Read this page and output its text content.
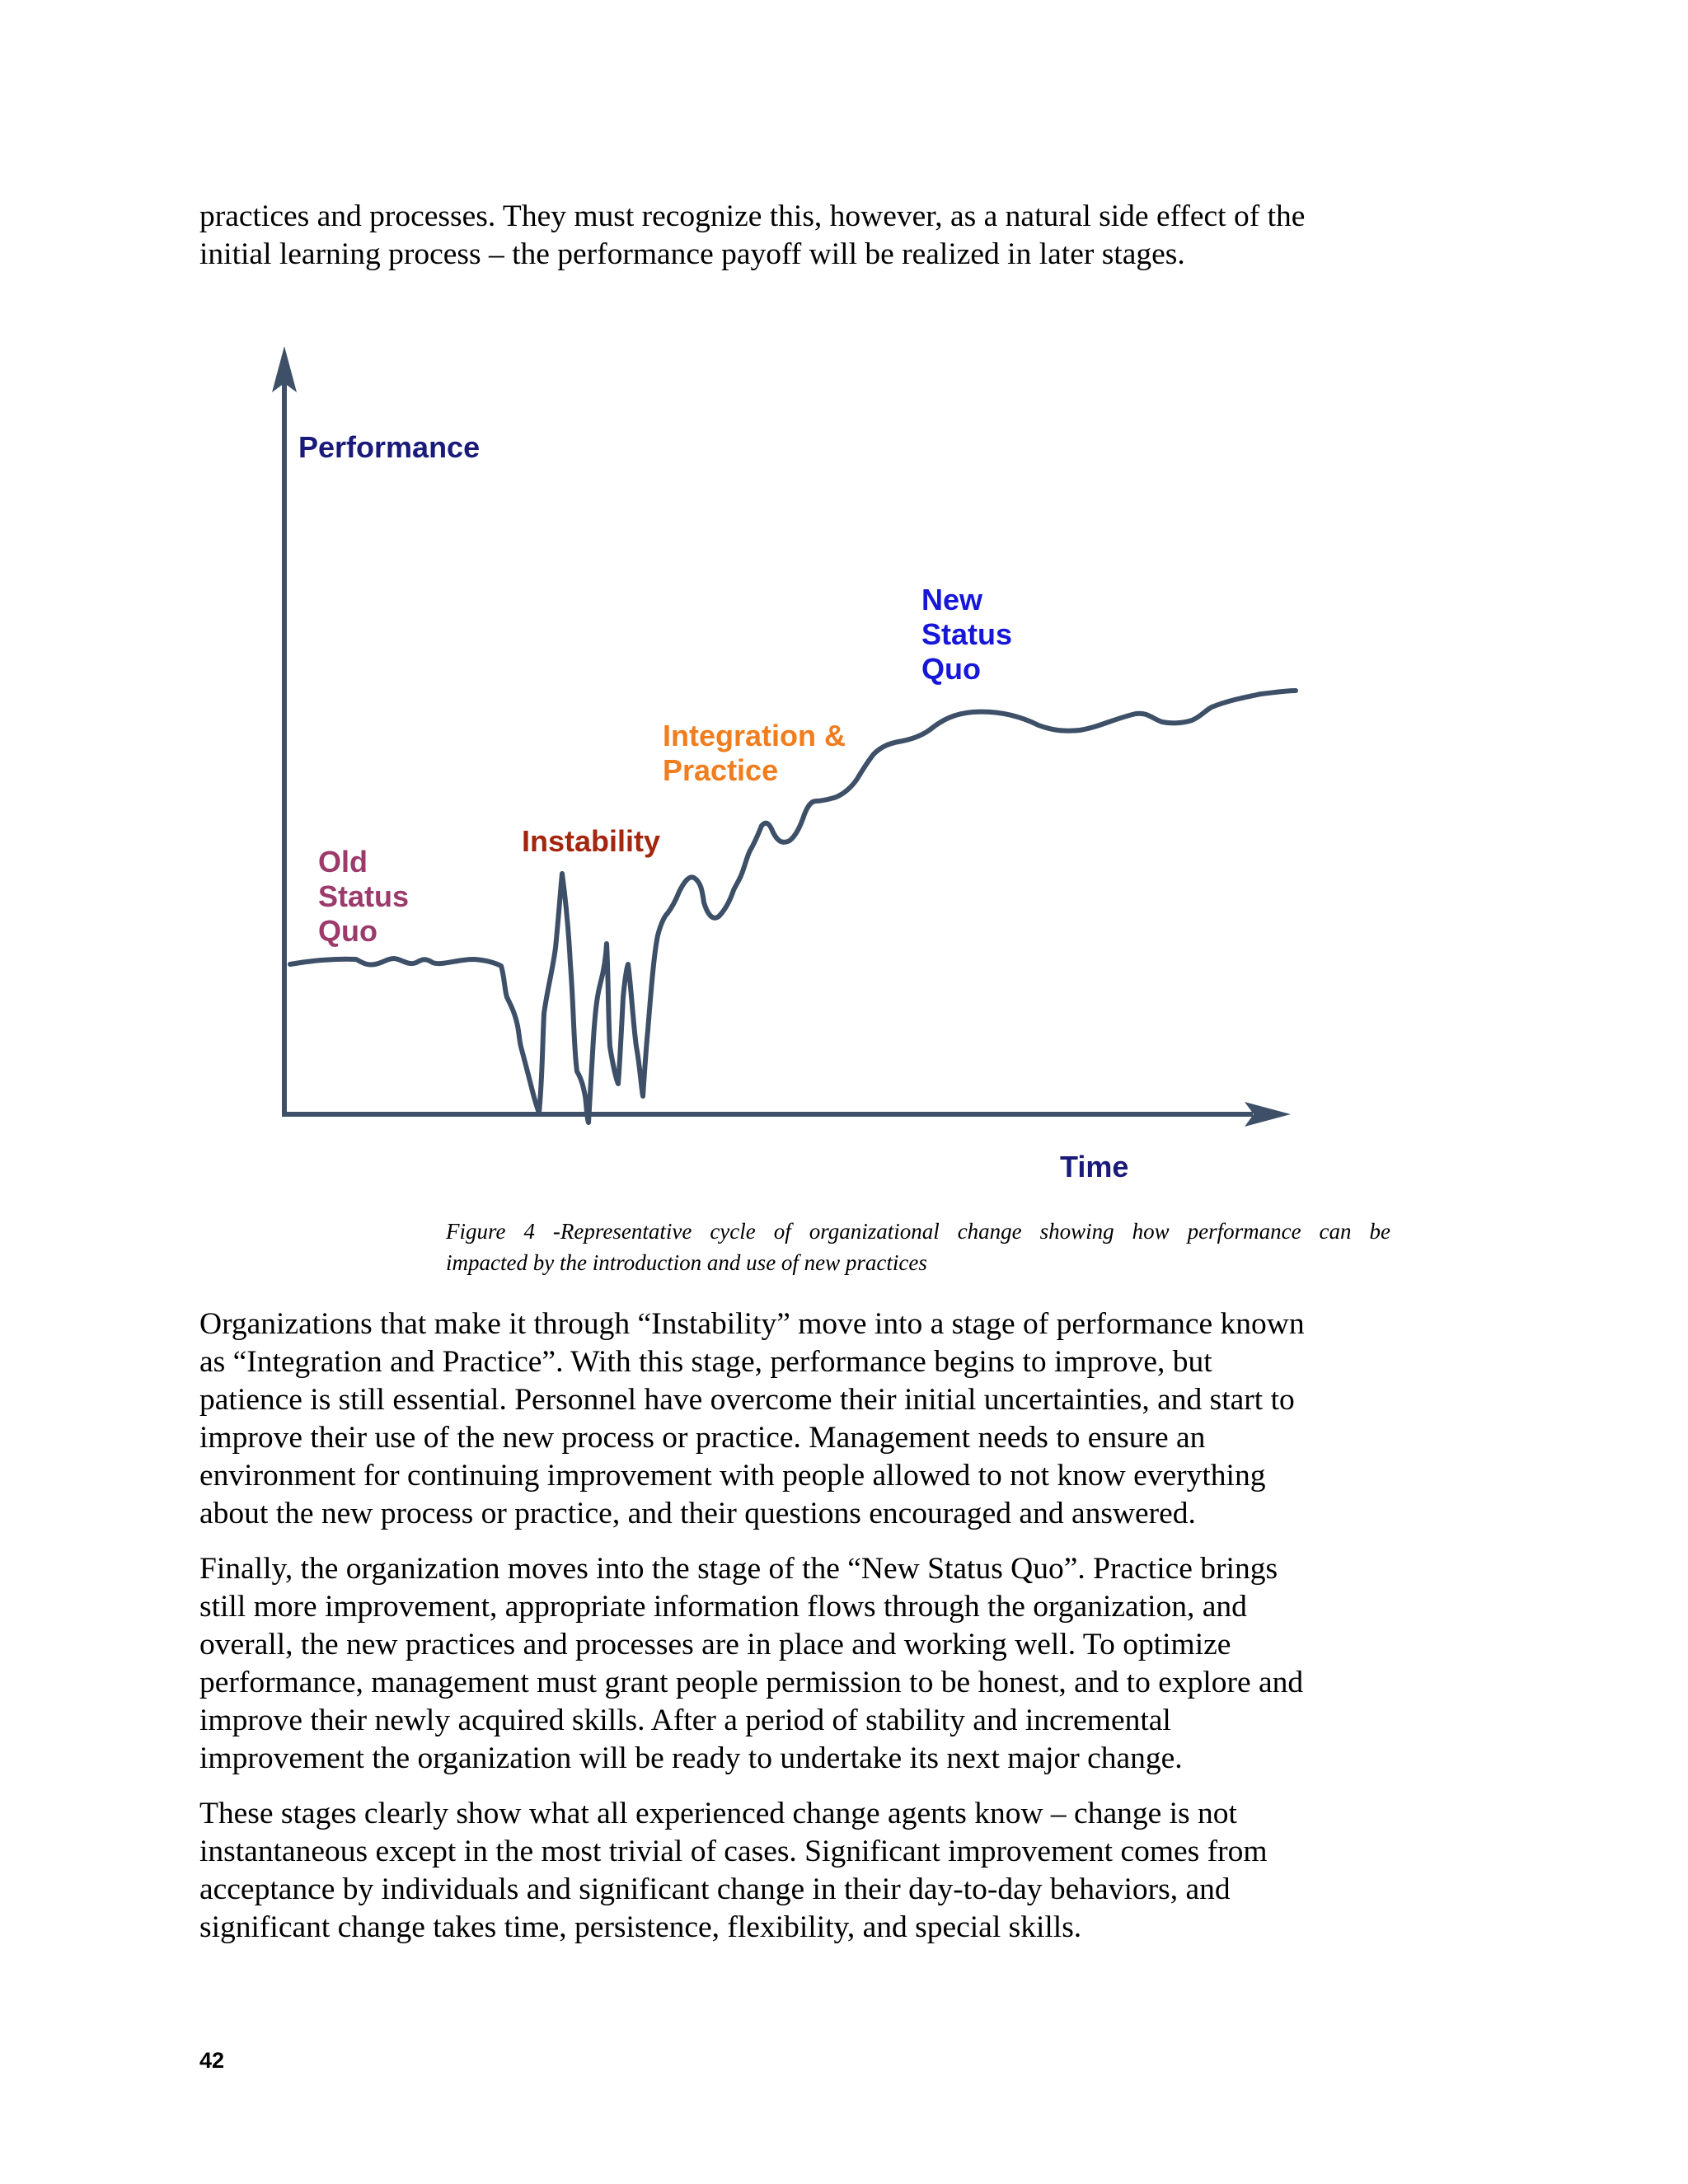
practices and processes. They must recognize this, however, as a natural side effect of the
initial learning process – the performance payoff will be realized in later stages.

Performance

Time

New
Status
Quo

Integration &
Practice

Instability

Old
Status
Quo

Figure 4 -Representative cycle of organizational change showing how performance can be
impacted by the introduction and use of new practices

Organizations that make it through “Instability” move into a stage of performance known
as “Integration and Practice”. With this stage, performance begins to improve, but
patience is still essential. Personnel have overcome their initial uncertainties, and start to
improve their use of the new process or practice. Management needs to ensure an
environment for continuing improvement with people allowed to not know everything
about the new process or practice, and their questions encouraged and answered.

Finally, the organization moves into the stage of the “New Status Quo”. Practice brings
still more improvement, appropriate information flows through the organization, and
overall, the new practices and processes are in place and working well. To optimize
performance, management must grant people permission to be honest, and to explore and
improve their newly acquired skills. After a period of stability and incremental
improvement the organization will be ready to undertake its next major change.

These stages clearly show what all experienced change agents know – change is not
instantaneous except in the most trivial of cases. Significant improvement comes from
acceptance by individuals and significant change in their day-to-day behaviors, and
significant change takes time, persistence, flexibility, and special skills.

42
